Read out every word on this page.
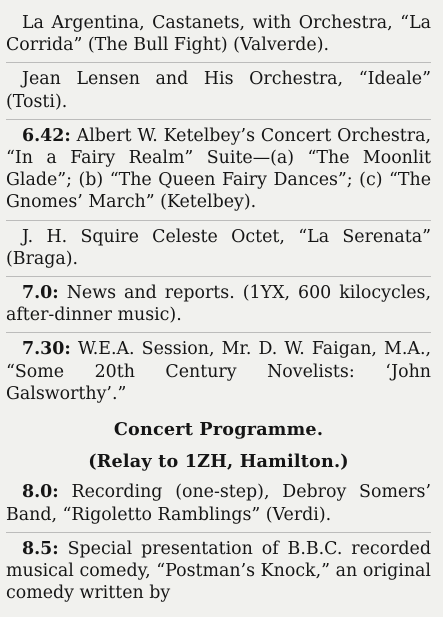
La Argentina, Castanets, with Orchestra, “La Corrida” (The Bull Fight) (Valverde).

Jean Lensen and His Orchestra, “Ideale” (Tosti).

6.42: Albert W. Ketelbey’s Concert Orchestra, “In a Fairy Realm” Suite—(a) “The Moonlit Glade”; (b) “The Queen Fairy Dances”; (c) “The Gnomes’ March” (Ketelbey).

J. H. Squire Celeste Octet, “La Serenata” (Braga).

7.0: News and reports. (1YX, 600 kilocycles, after-dinner music).

7.30: W.E.A. Session, Mr. D. W. Faigan, M.A., “Some 20th Century Novelists: ‘John Galsworthy’.”

Concert Programme.
(Relay to 1ZH, Hamilton.)

8.0: Recording (one-step), Debroy Somers’ Band, “Rigoletto Ramblings” (Verdi).

8.5: Special presentation of B.B.C. recorded musical comedy, “Postman’s Knock,” an original comedy written by
